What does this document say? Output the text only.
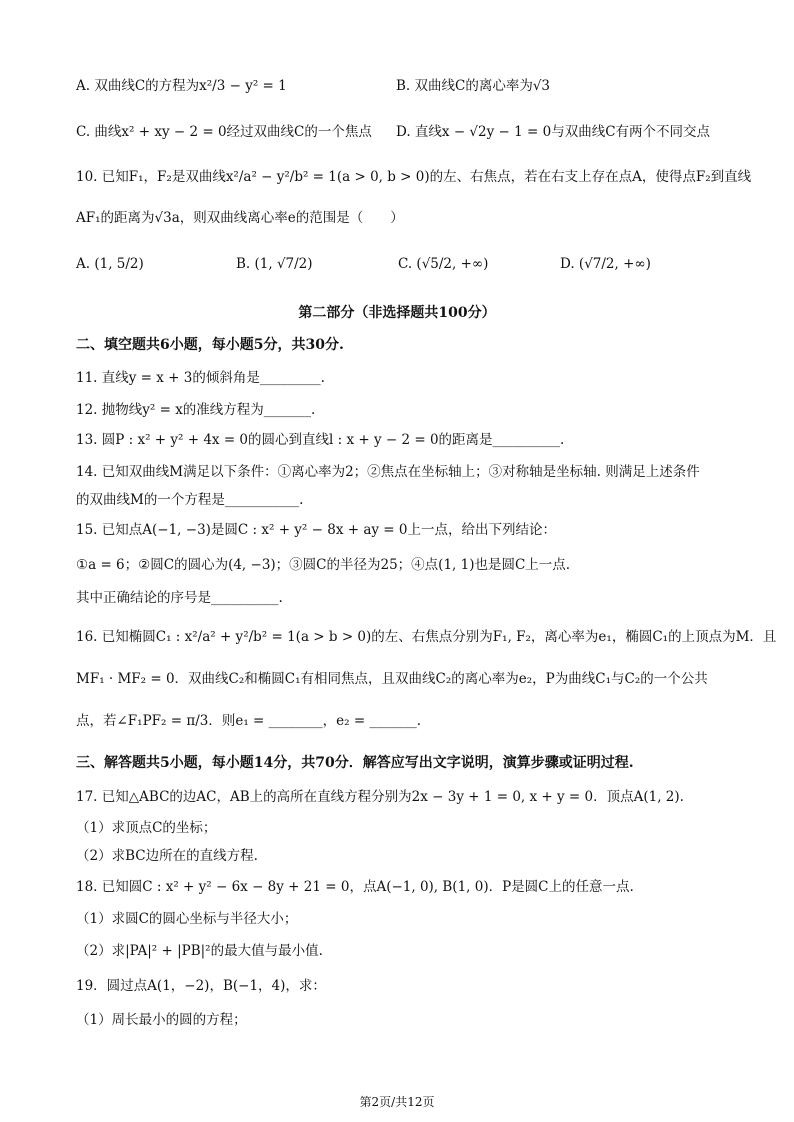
A. 双曲线C的方程为x²/3 − y² = 1	B. 双曲线C的离心率为√3
C. 曲线x² + xy − 2 = 0经过双曲线C的一个焦点 D. 直线x − √2y − 1 = 0与双曲线C有两个不同交点
10. 已知F₁，F₂是双曲线x²/a² − y²/b² = 1(a > 0, b > 0)的左、右焦点，若在右支上存在点A，使得点F₂到直线
AF₁的距离为√3a，则双曲线离心率e的范围是（　　）
A. (1, 5/2)	B. (1, √7/2)	C. (√5/2, +∞)	D. (√7/2, +∞)
第二部分（非选择题共100分）
二、填空题共6小题，每小题5分，共30分.
11. 直线y = x + 3的倾斜角是_________.
12. 抛物线y² = x的准线方程为_______.
13. 圆P : x² + y² + 4x = 0的圆心到直线l : x + y − 2 = 0的距离是__________.
14. 已知双曲线M满足以下条件：①离心率为2；②焦点在坐标轴上；③对称轴是坐标轴. 则满足上述条件
的双曲线M的一个方程是___________.
15. 已知点A(−1, −3)是圆C : x² + y² − 8x + ay = 0上一点，给出下列结论：
①a = 6；②圆C的圆心为(4, −3)；③圆C的半径为25；④点(1, 1)也是圆C上一点.
其中正确结论的序号是__________.
16. 已知椭圆C₁ : x²/a² + y²/b² = 1(a > b > 0)的左、右焦点分别为F₁, F₂，离心率为e₁，椭圆C₁的上顶点为M．且
MF₁ · MF₂ = 0．双曲线C₂和椭圆C₁有相同焦点，且双曲线C₂的离心率为e₂，P为曲线C₁与C₂的一个公共
点，若∠F₁PF₂ = π/3．则e₁ = ________，e₂ = _______.
三、解答题共5小题，每小题14分，共70分．解答应写出文字说明，演算步骤或证明过程.
17. 已知△ABC的边AC，AB上的高所在直线方程分别为2x − 3y + 1 = 0, x + y = 0．顶点A(1, 2).
（1）求顶点C的坐标；
（2）求BC边所在的直线方程.
18. 已知圆C : x² + y² − 6x − 8y + 21 = 0，点A(−1, 0), B(1, 0)．P是圆C上的任意一点.
（1）求圆C的圆心坐标与半径大小；
（2）求|PA|² + |PB|²的最大值与最小值.
19．圆过点A(1，−2)，B(−1，4)，求：
（1）周长最小的圆的方程；
第2页/共12页
